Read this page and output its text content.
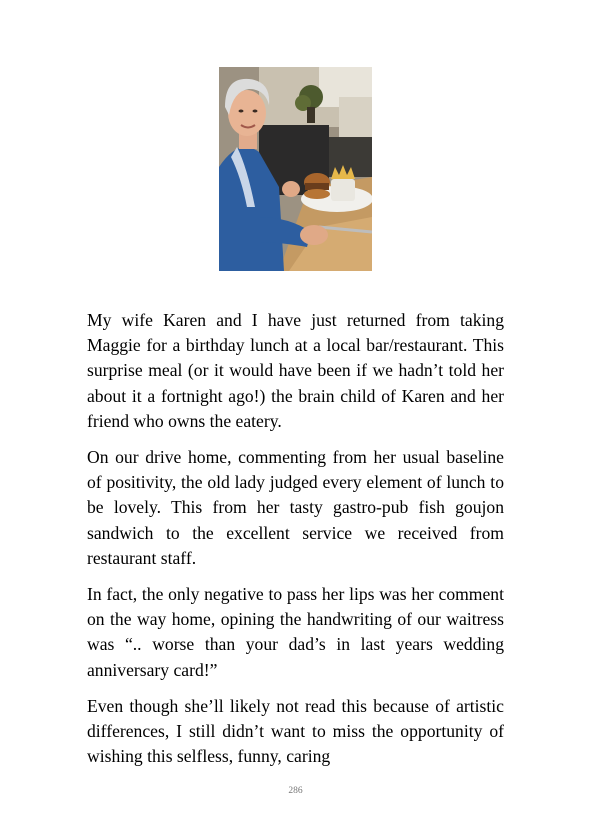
My wife Karen and I have just returned from taking Maggie for a birthday lunch at a local bar/restaurant. This surprise meal (or it would have been if we hadn’t told her about it a fortnight ago!) the brain child of Karen and her friend who owns the eatery.

On our drive home, commenting from her usual baseline of positivity, the old lady judged every element of lunch to be lovely. This from her tasty gastro-pub fish goujon sandwich to the excellent service we received from restaurant staff.

In fact, the only negative to pass her lips was her comment on the way home, opining the handwriting of our waitress was “.. worse than your dad’s in last years wedding anniversary card!”

Even though she’ll likely not read this because of artistic differences, I still didn’t want to miss the opportunity of wishing this selfless, funny, caring

286
